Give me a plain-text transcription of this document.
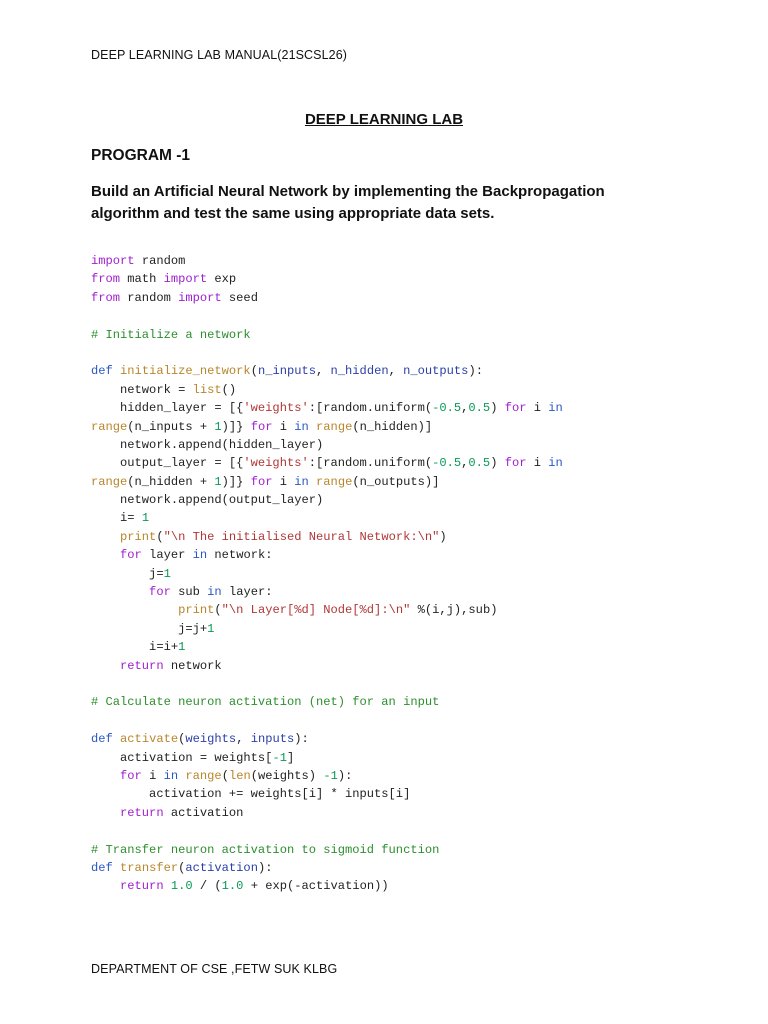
DEEP LEARNING LAB MANUAL(21SCSL26)
DEEP LEARNING LAB
PROGRAM -1
Build an Artificial Neural Network by implementing the Backpropagation
algorithm and test the same using appropriate data sets.
import random
from math import exp
from random import seed

# Initialize a network

def initialize_network(n_inputs, n_hidden, n_outputs):
network = list()
hidden_layer = [{'weights':[random.uniform(-0.5,0.5) for i in
range(n_inputs + 1)]} for i in range(n_hidden)]
network.append(hidden_layer)
output_layer = [{'weights':[random.uniform(-0.5,0.5) for i in
range(n_hidden + 1)]} for i in range(n_outputs)]
network.append(output_layer)
i= 1
print("\n The initialised Neural Network:\n")
for layer in network:
j=1
for sub in layer:
print("\n Layer[%d] Node[%d]:\n" %(i,j),sub)
j=j+1
i=i+1
return network

# Calculate neuron activation (net) for an input

def activate(weights, inputs):
activation = weights[-1]
for i in range(len(weights) -1):
activation += weights[i] * inputs[i]
return activation

# Transfer neuron activation to sigmoid function
def transfer(activation):
return 1.0 / (1.0 + exp(-activation))
DEPARTMENT OF CSE ,FETW SUK KLBG
